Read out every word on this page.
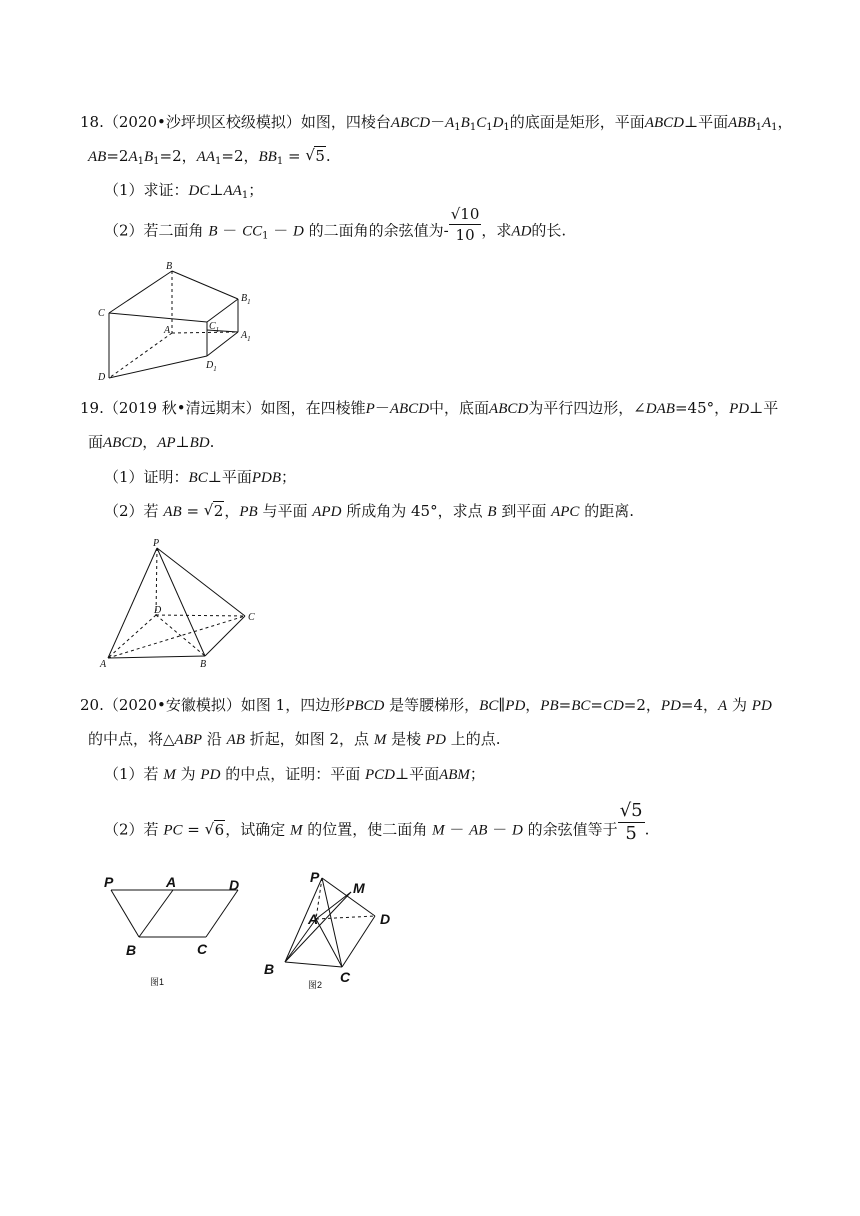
18.（2020•沙坪坝区校级模拟）如图，四棱台$ABCD-A_1B_1C_1D_1$的底面是矩形，平面ABCD⊥平面$ABB_1A_1$，
$AB=2A_1B_1=2$，$AA_1=2$，$BB_1$ = √ 5.
（1）求证：$DC\perp AA_1$；
（2）若二面角 $B - CC_1 - D$ 的二面角的余弦值为- $\frac{√10}{10}$ ，求AD的长.
B
$B_1$
C
A	$C_1$ $A_1$
D
$D_1$
19.（2019 秋•清远期末）如图，在四棱锥P－ABCD中，底面ABCD为平行四边形，∠DAB=45°，PD⊥平
面ABCD，AP⊥BD.
（1）证明：BC⊥平面PDB；
（2）若 AB = √ 2，PB 与平面 APD 所成角为 45°，求点 B 到平面 APC 的距离.
P
D
C
A	B
20.（2020•安徽模拟）如图 1，四边形PBCD 是等腰梯形，BC∥PD，PB=BC=CD=2，PD=4，A 为 PD
的中点，将△ABP 沿 AB 折起，如图 2，点 M 是棱 PD 上的点.
（1）若 M 为 PD 的中点，证明：平面 PCD⊥平面ABM；
（2）若 PC = √ 6，试确定 M 的位置，使二面角 M － AB － D 的余弦值等于 $\frac{√5}{5}$ .
P	A	D
B	C
图1
P
M
A	D
B	C
图2
